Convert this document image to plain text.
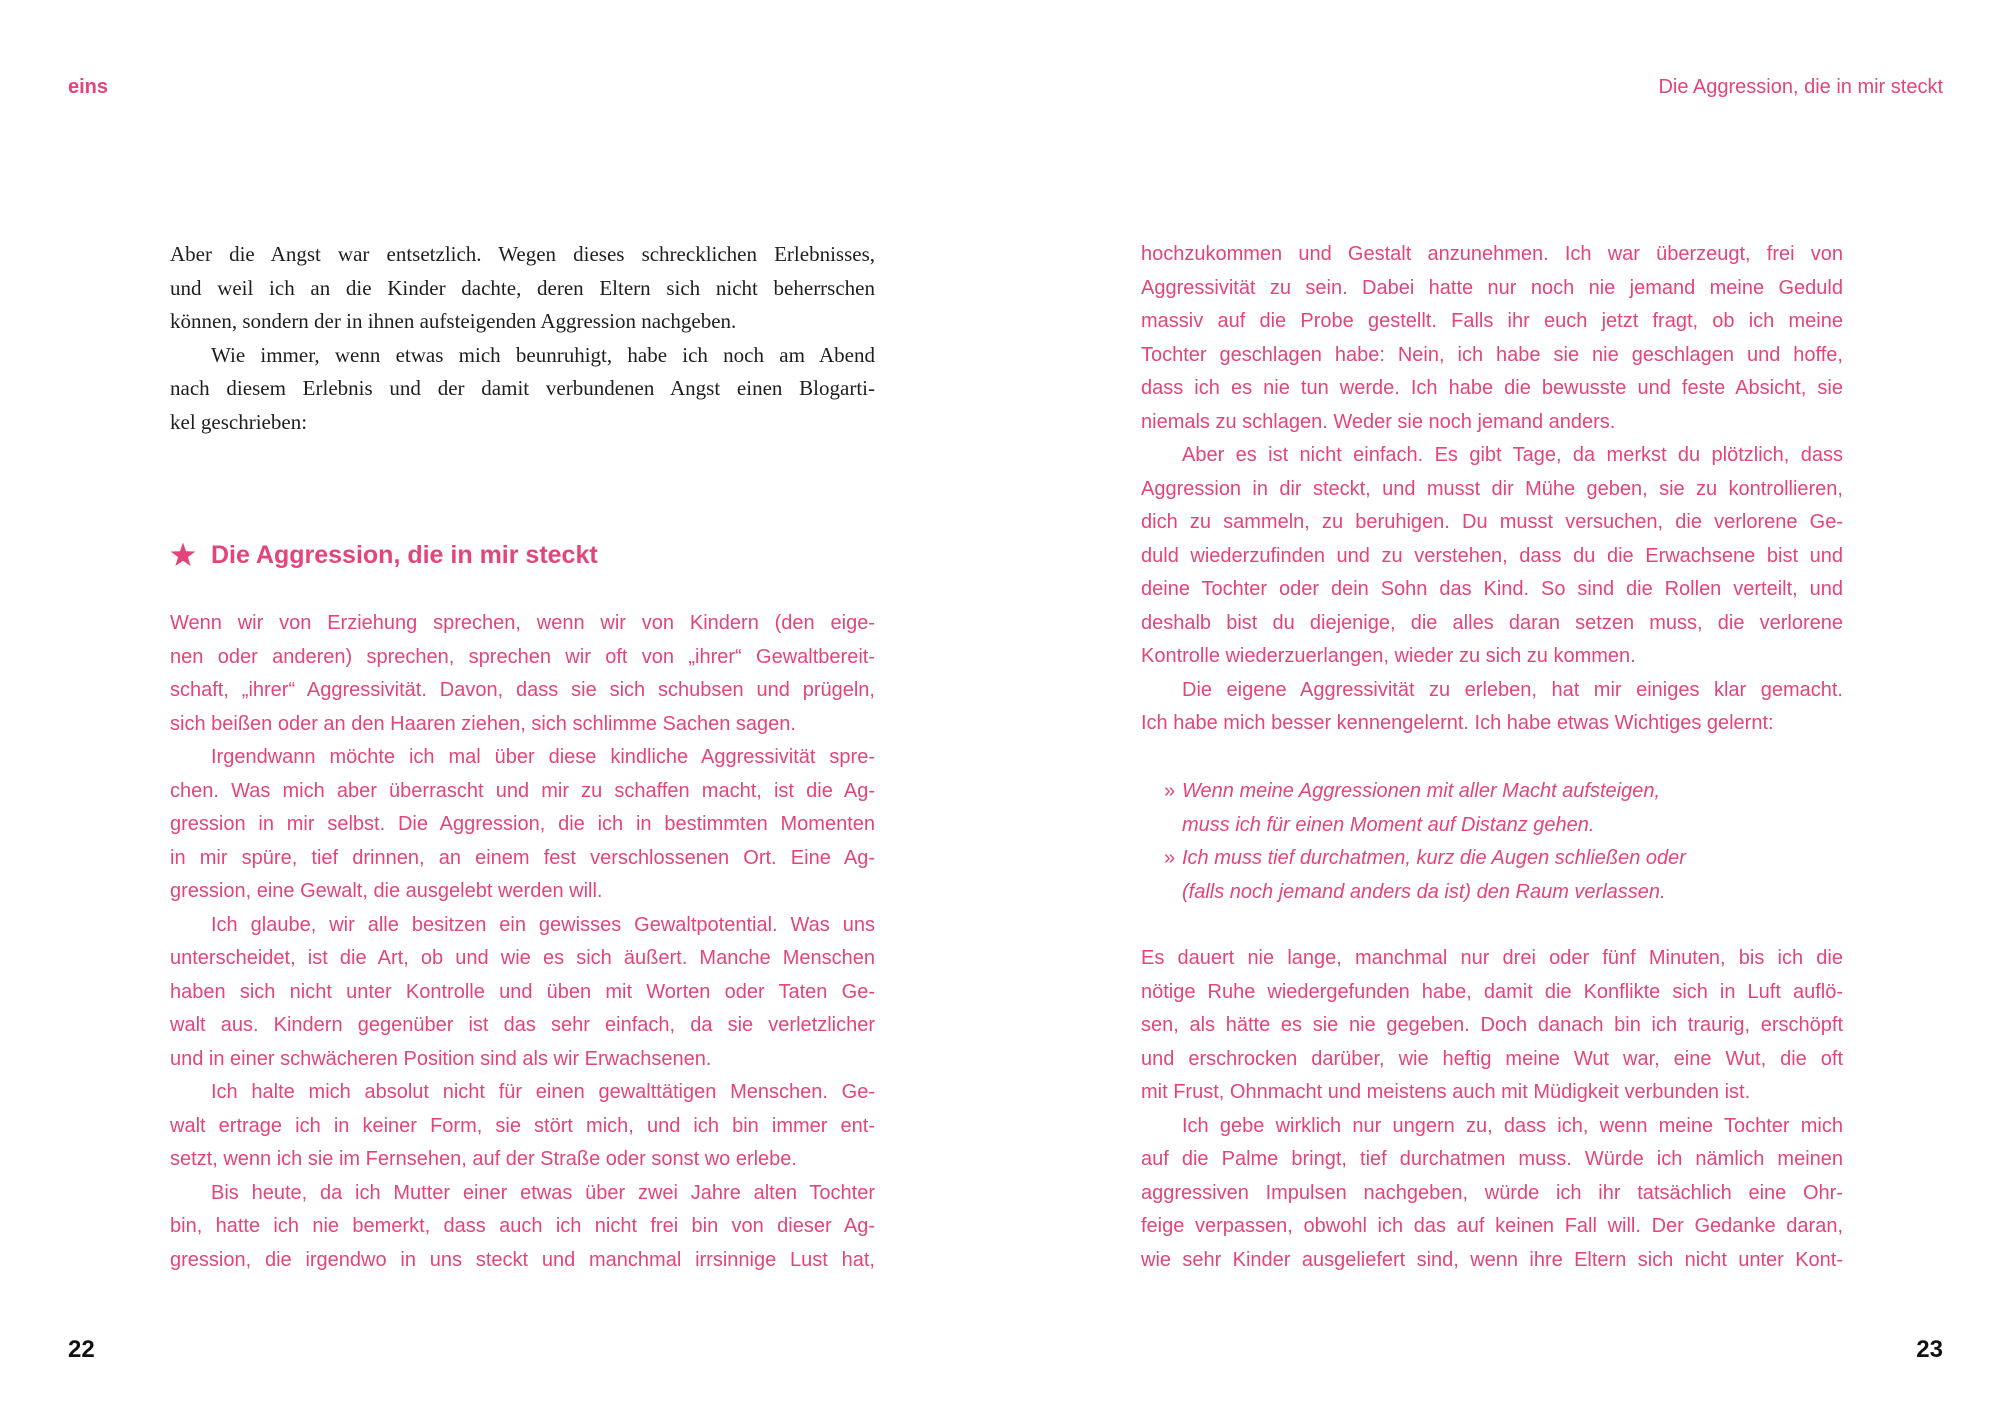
eins	Die Aggression, die in mir steckt
Aber die Angst war entsetzlich. Wegen dieses schrecklichen Erlebnisses,
und weil ich an die Kinder dachte, deren Eltern sich nicht beherrschen
können, sondern der in ihnen aufsteigenden Aggression nachgeben.
Wie immer, wenn etwas mich beunruhigt, habe ich noch am Abend
nach diesem Erlebnis und der damit verbundenen Angst einen Blogarti-
kel geschrieben:
Die Aggression, die in mir steckt
Wenn wir von Erziehung sprechen, wenn wir von Kindern (den eige-
nen oder anderen) sprechen, sprechen wir oft von „ihrer“ Gewaltbereit-
schaft, „ihrer“ Aggressivität. Davon, dass sie sich schubsen und prügeln,
sich beißen oder an den Haaren ziehen, sich schlimme Sachen sagen.
Irgendwann möchte ich mal über diese kindliche Aggressivität spre-
chen. Was mich aber überrascht und mir zu schaffen macht, ist die Ag-
gression in mir selbst. Die Aggression, die ich in bestimmten Momenten
in mir spüre, tief drinnen, an einem fest verschlossenen Ort. Eine Ag-
gression, eine Gewalt, die ausgelebt werden will.
Ich glaube, wir alle besitzen ein gewisses Gewaltpotential. Was uns
unterscheidet, ist die Art, ob und wie es sich äußert. Manche Menschen
haben sich nicht unter Kontrolle und üben mit Worten oder Taten Ge-
walt aus. Kindern gegenüber ist das sehr einfach, da sie verletzlicher
und in einer schwächeren Position sind als wir Erwachsenen.
Ich halte mich absolut nicht für einen gewalttätigen Menschen. Ge-
walt ertrage ich in keiner Form, sie stört mich, und ich bin immer ent-
setzt, wenn ich sie im Fernsehen, auf der Straße oder sonst wo erlebe.
Bis heute, da ich Mutter einer etwas über zwei Jahre alten Tochter
bin, hatte ich nie bemerkt, dass auch ich nicht frei bin von dieser Ag-
gression, die irgendwo in uns steckt und manchmal irrsinnige Lust hat,
hochzukommen und Gestalt anzunehmen. Ich war überzeugt, frei von
Aggressivität zu sein. Dabei hatte nur noch nie jemand meine Geduld
massiv auf die Probe gestellt. Falls ihr euch jetzt fragt, ob ich meine
Tochter geschlagen habe: Nein, ich habe sie nie geschlagen und hoffe,
dass ich es nie tun werde. Ich habe die bewusste und feste Absicht, sie
niemals zu schlagen. Weder sie noch jemand anders.
Aber es ist nicht einfach. Es gibt Tage, da merkst du plötzlich, dass
Aggression in dir steckt, und musst dir Mühe geben, sie zu kontrollieren,
dich zu sammeln, zu beruhigen. Du musst versuchen, die verlorene Ge-
duld wiederzufinden und zu verstehen, dass du die Erwachsene bist und
deine Tochter oder dein Sohn das Kind. So sind die Rollen verteilt, und
deshalb bist du diejenige, die alles daran setzen muss, die verlorene
Kontrolle wiederzuerlangen, wieder zu sich zu kommen.
Die eigene Aggressivität zu erleben, hat mir einiges klar gemacht.
Ich habe mich besser kennengelernt. Ich habe etwas Wichtiges gelernt:
» Wenn meine Aggressionen mit aller Macht aufsteigen,
muss ich für einen Moment auf Distanz gehen.
» Ich muss tief durchatmen, kurz die Augen schließen oder
(falls noch jemand anders da ist) den Raum verlassen.
Es dauert nie lange, manchmal nur drei oder fünf Minuten, bis ich die
nötige Ruhe wiedergefunden habe, damit die Konflikte sich in Luft auflö-
sen, als hätte es sie nie gegeben. Doch danach bin ich traurig, erschöpft
und erschrocken darüber, wie heftig meine Wut war, eine Wut, die oft
mit Frust, Ohnmacht und meistens auch mit Müdigkeit verbunden ist.
Ich gebe wirklich nur ungern zu, dass ich, wenn meine Tochter mich
auf die Palme bringt, tief durchatmen muss. Würde ich nämlich meinen
aggressiven Impulsen nachgeben, würde ich ihr tatsächlich eine Ohr-
feige verpassen, obwohl ich das auf keinen Fall will. Der Gedanke daran,
wie sehr Kinder ausgeliefert sind, wenn ihre Eltern sich nicht unter Kont-
22	23
